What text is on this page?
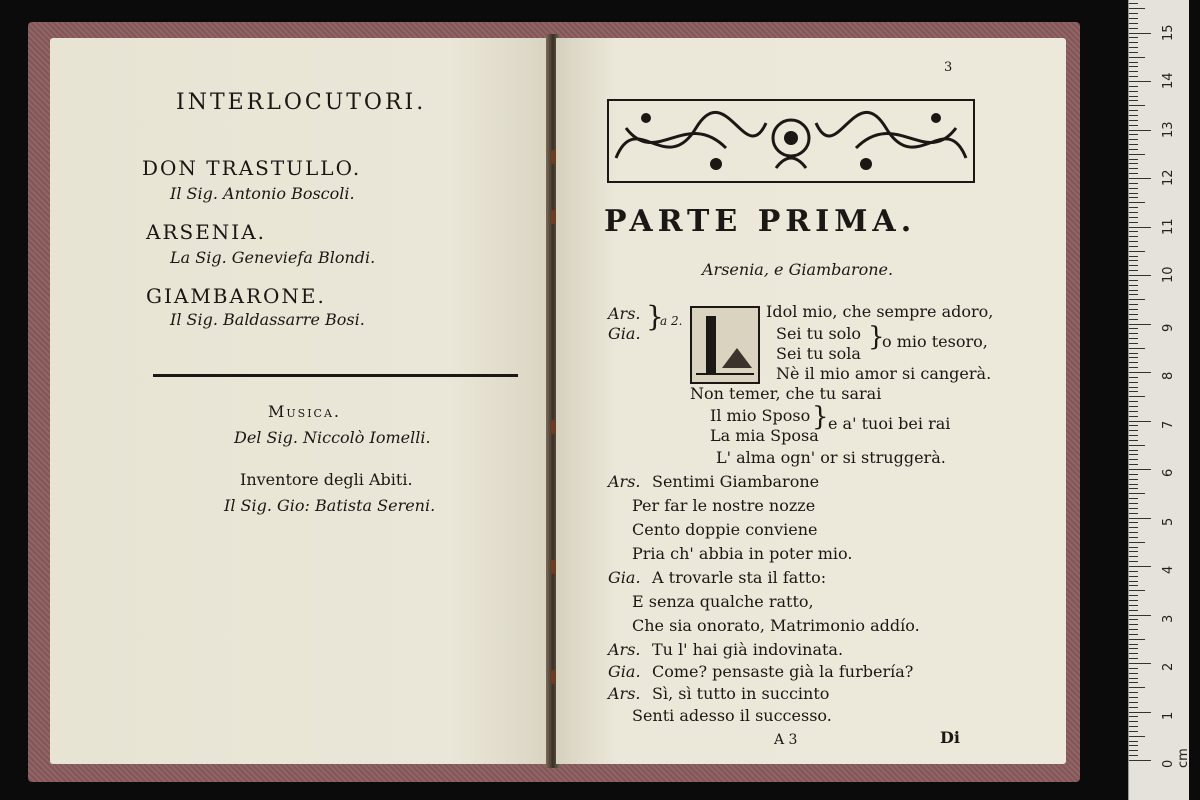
INTERLOCUTORI.
DON TRASTULLO.
Il Sig. Antonio Boscoli.
ARSENIA.
La Sig. Geneviefa Blondi.
GIAMBARONE.
Il Sig. Baldassarre Bosi.
Musica.
Del Sig. Niccolò Iomelli.
Inventore degli Abiti.
Il Sig. Gio: Batista Sereni.
3
PARTE PRIMA.
Arsenia, e Giambarone.
Ars.
Gia.
}
a 2.	Idol mio, che sempre adoro,
Sei tu solo
Sei tu sola
}
o mio tesoro,
Nè il mio amor si cangerà.
Non temer, che tu sarai
Il mio Sposo
La mia Sposa
} e a' tuoi bei rai
L' alma ogn' or si struggerà.
Ars. Sentimi Giambarone
Per far le nostre nozze
Cento doppie conviene
Pria ch' abbia in poter mio.
Gia. A trovarle sta il fatto:
E senza qualche ratto,
Che sia onorato, Matrimonio addío.
Ars. Tu l' hai già indovinata.
Gia. Come? pensaste già la furbería?
Ars. Sì, sì tutto in succinto
Senti adesso il successo.
A 3	Di
0 cm
1
2
3
4
5
6
7
8
9
10
11
12
13
14
15
